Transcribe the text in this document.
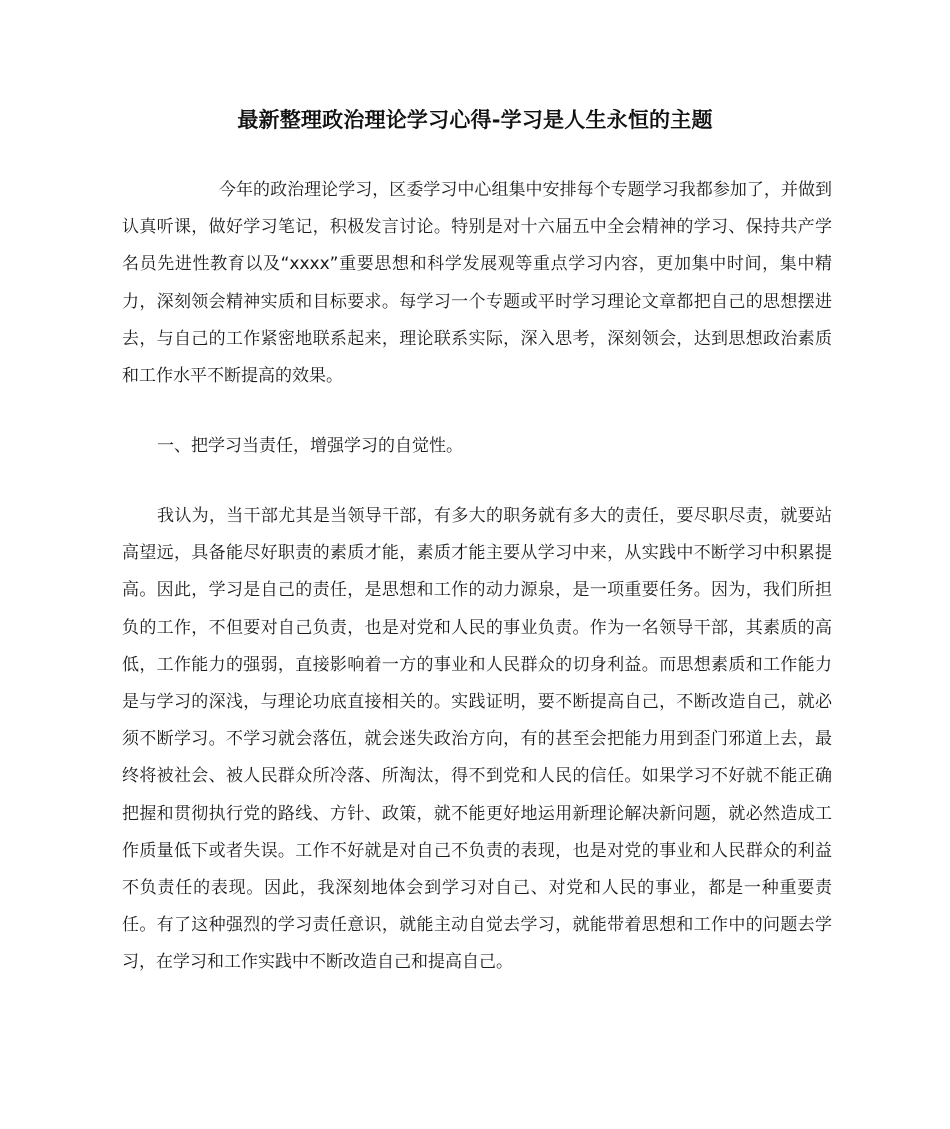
最新整理政治理论学习心得-学习是人生永恒的主题

今年的政治理论学习，区委学习中心组集中安排每个专题学习我都参加了，并做到认真听课，做好学习笔记，积极发言讨论。特别是对十六届五中全会精神的学习、保持共产学名员先进性教育以及“xxxx”重要思想和科学发展观等重点学习内容，更加集中时间，集中精力，深刻领会精神实质和目标要求。每学习一个专题或平时学习理论文章都把自己的思想摆进去，与自己的工作紧密地联系起来，理论联系实际，深入思考，深刻领会，达到思想政治素质和工作水平不断提高的效果。

一、把学习当责任，增强学习的自觉性。

我认为，当干部尤其是当领导干部，有多大的职务就有多大的责任，要尽职尽责，就要站高望远，具备能尽好职责的素质才能，素质才能主要从学习中来，从实践中不断学习中积累提高。因此，学习是自己的责任，是思想和工作的动力源泉，是一项重要任务。因为，我们所担负的工作，不但要对自己负责，也是对党和人民的事业负责。作为一名领导干部，其素质的高低，工作能力的强弱，直接影响着一方的事业和人民群众的切身利益。而思想素质和工作能力是与学习的深浅，与理论功底直接相关的。实践证明，要不断提高自己，不断改造自己，就必须不断学习。不学习就会落伍，就会迷失政治方向，有的甚至会把能力用到歪门邪道上去，最终将被社会、被人民群众所冷落、所淘汰，得不到党和人民的信任。如果学习不好就不能正确把握和贯彻执行党的路线、方针、政策，就不能更好地运用新理论解决新问题，就必然造成工作质量低下或者失误。工作不好就是对自己不负责的表现，也是对党的事业和人民群众的利益不负责任的表现。因此，我深刻地体会到学习对自己、对党和人民的事业，都是一种重要责任。有了这种强烈的学习责任意识，就能主动自觉去学习，就能带着思想和工作中的问题去学习，在学习和工作实践中不断改造自己和提高自己。
